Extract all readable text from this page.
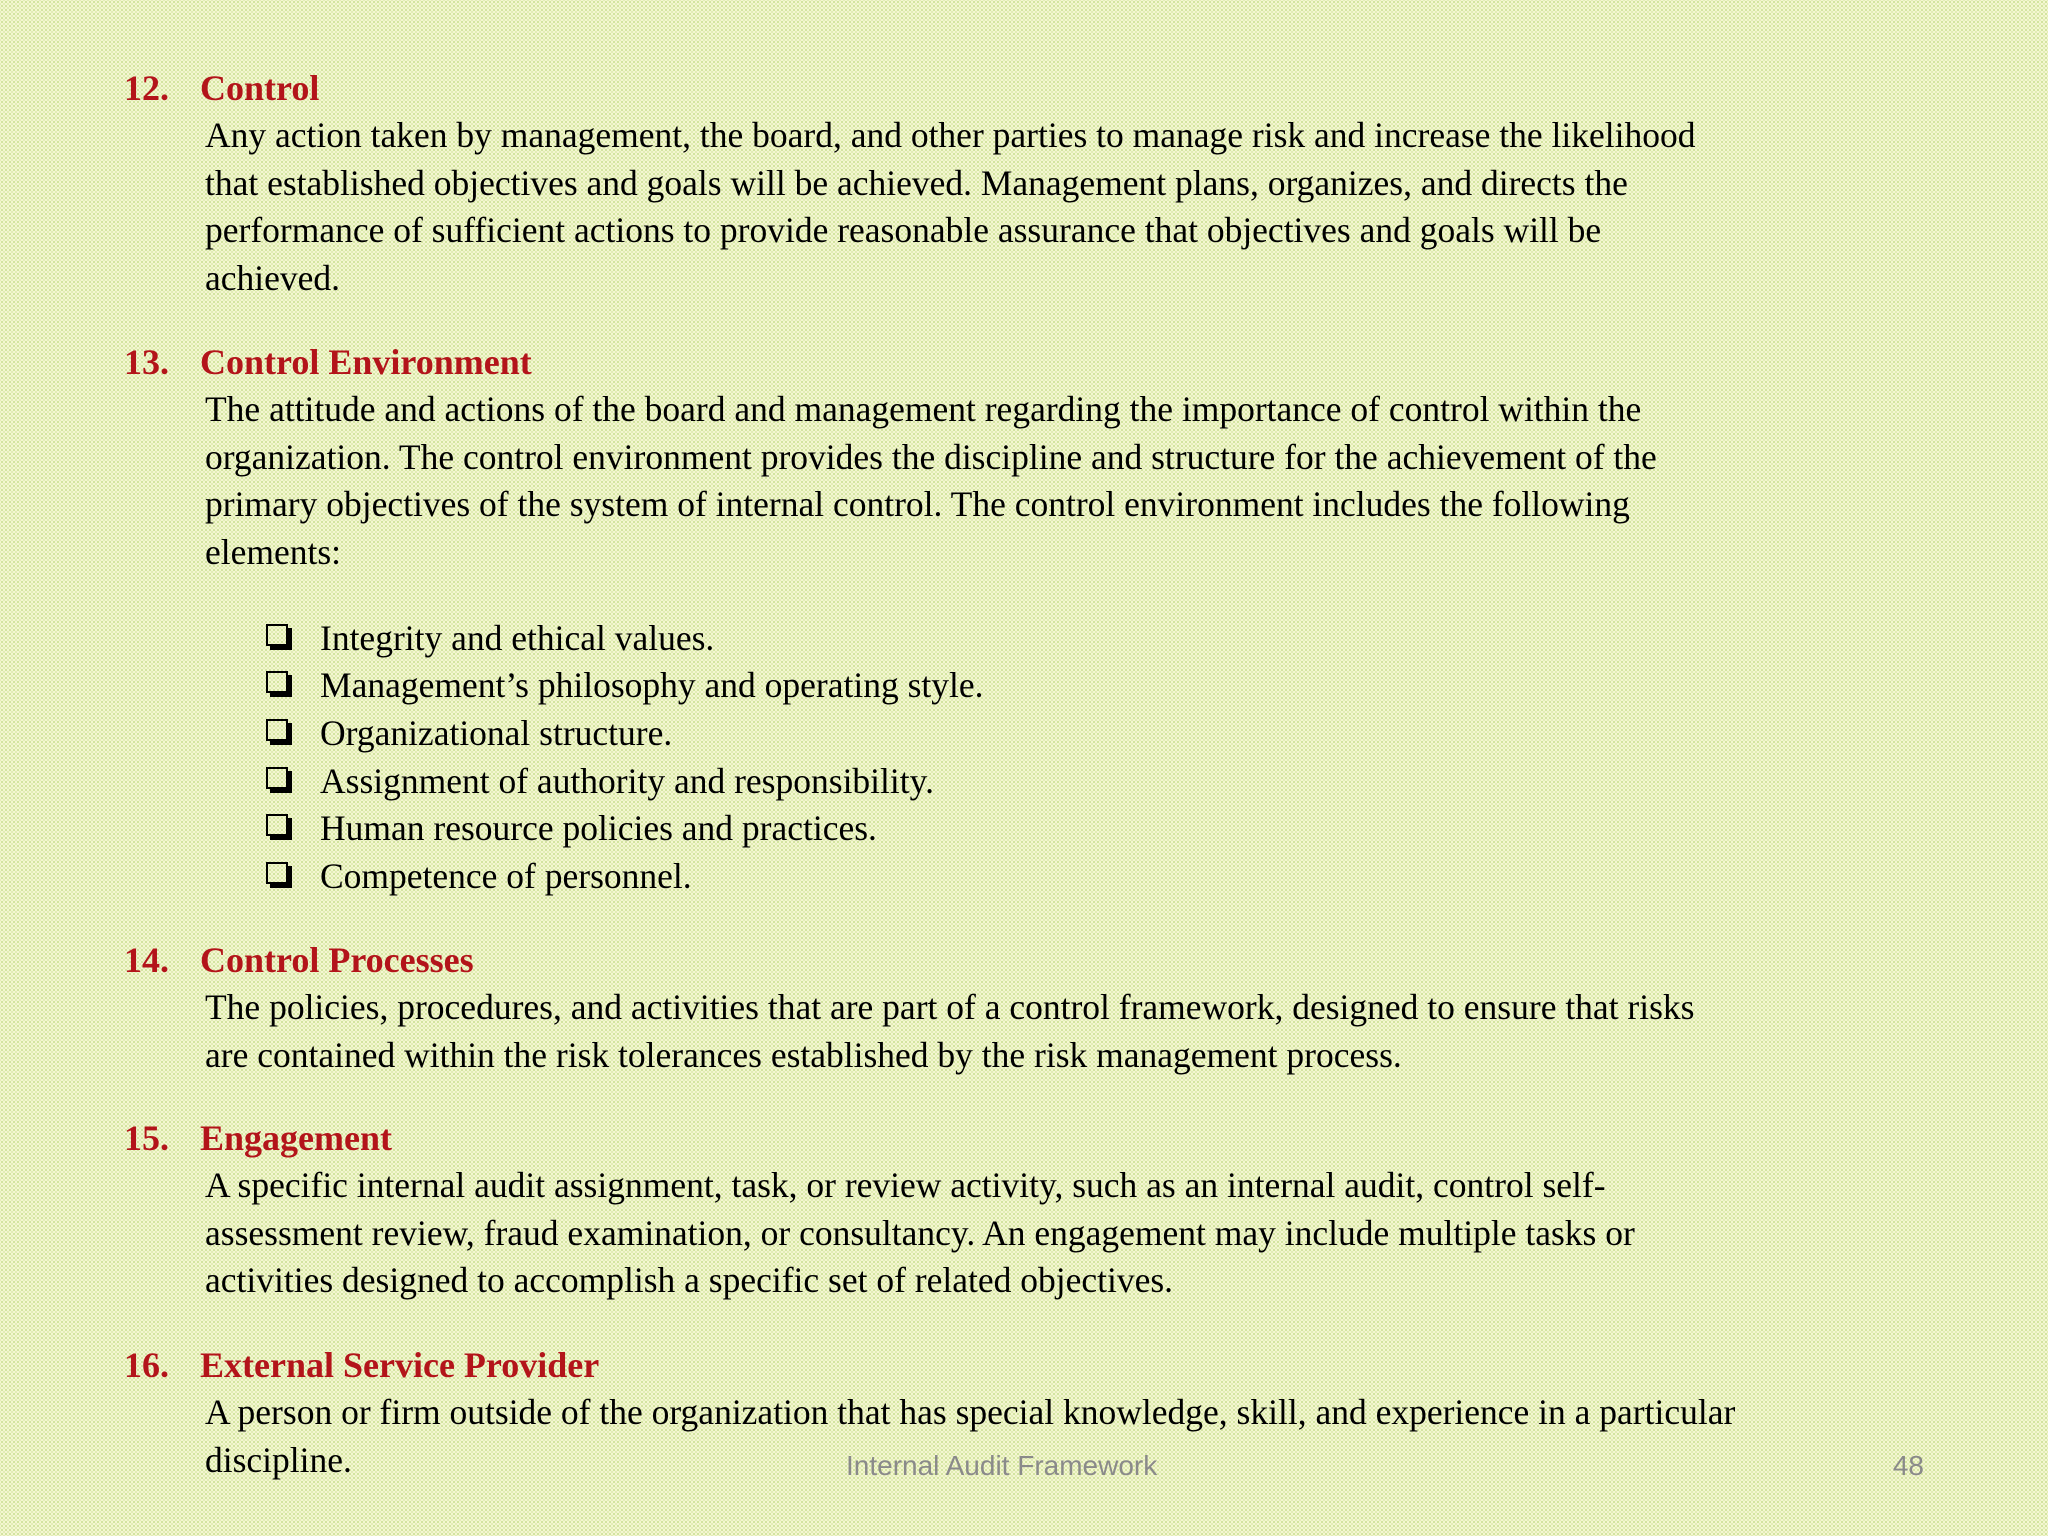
12. Control
Any action taken by management, the board, and other parties to manage risk and increase the likelihood
that established objectives and goals will be achieved. Management plans, organizes, and directs the
performance of sufficient actions to provide reasonable assurance that objectives and goals will be
achieved.
13. Control Environment
The attitude and actions of the board and management regarding the importance of control within the
organization. The control environment provides the discipline and structure for the achievement of the
primary objectives of the system of internal control. The control environment includes the following
elements:
Integrity and ethical values.
Management’s philosophy and operating style.
Organizational structure.
Assignment of authority and responsibility.
Human resource policies and practices.
Competence of personnel.
14. Control Processes
The policies, procedures, and activities that are part of a control framework, designed to ensure that risks
are contained within the risk tolerances established by the risk management process.
15. Engagement
A specific internal audit assignment, task, or review activity, such as an internal audit, control self-
assessment review, fraud examination, or consultancy. An engagement may include multiple tasks or
activities designed to accomplish a specific set of related objectives.
16. External Service Provider
A person or firm outside of the organization that has special knowledge, skill, and experience in a particular
discipline.	Internal Audit Framework	48
